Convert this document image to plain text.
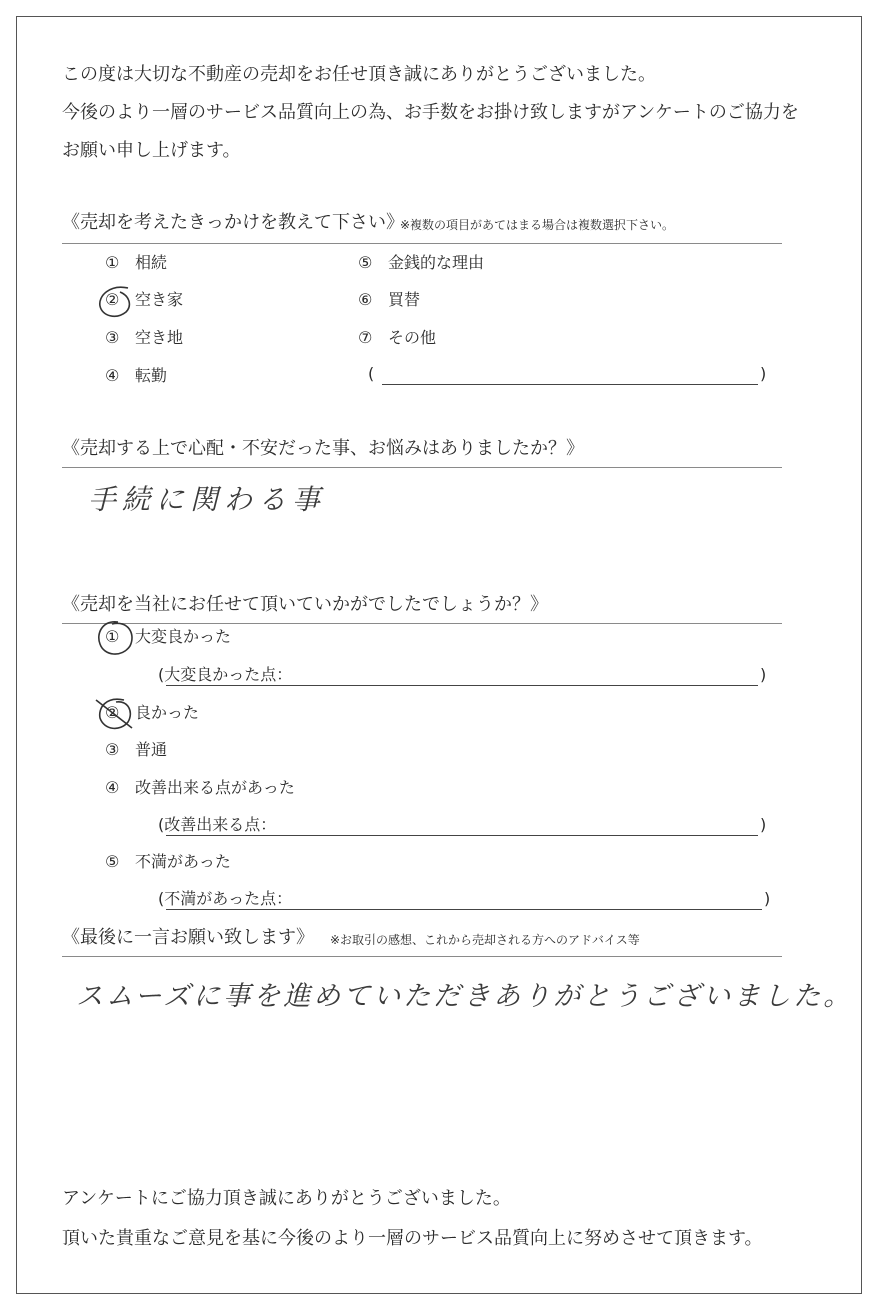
この度は大切な不動産の売却をお任せ頂き誠にありがとうございました。
今後のより一層のサービス品質向上の為、お手数をお掛け致しますがアンケートのご協力を
お願い申し上げます。
《売却を考えたきっかけを教えて下さい》
※複数の項目があてはまる場合は複数選択下さい。
① 相続
② 空き家
③ 空き地
④ 転勤
⑤ 金銭的な理由
⑥ 買替
⑦ その他
(	)
《売却する上で心配・不安だった事、お悩みはありましたか？》
手続に関わる事
《売却を当社にお任せて頂いていかがでしたでしょうか？》
① 大変良かった
(大変良かった点：	)
② 良かった
③ 普通
④ 改善出来る点があった
(改善出来る点：	)
⑤ 不満があった
(不満があった点：	)
《最後に一言お願い致します》 ※お取引の感想、これから売却される方へのアドバイス等
スムーズに事を進めていただきありがとうございました。
アンケートにご協力頂き誠にありがとうございました。
頂いた貴重なご意見を基に今後のより一層のサービス品質向上に努めさせて頂きます。
